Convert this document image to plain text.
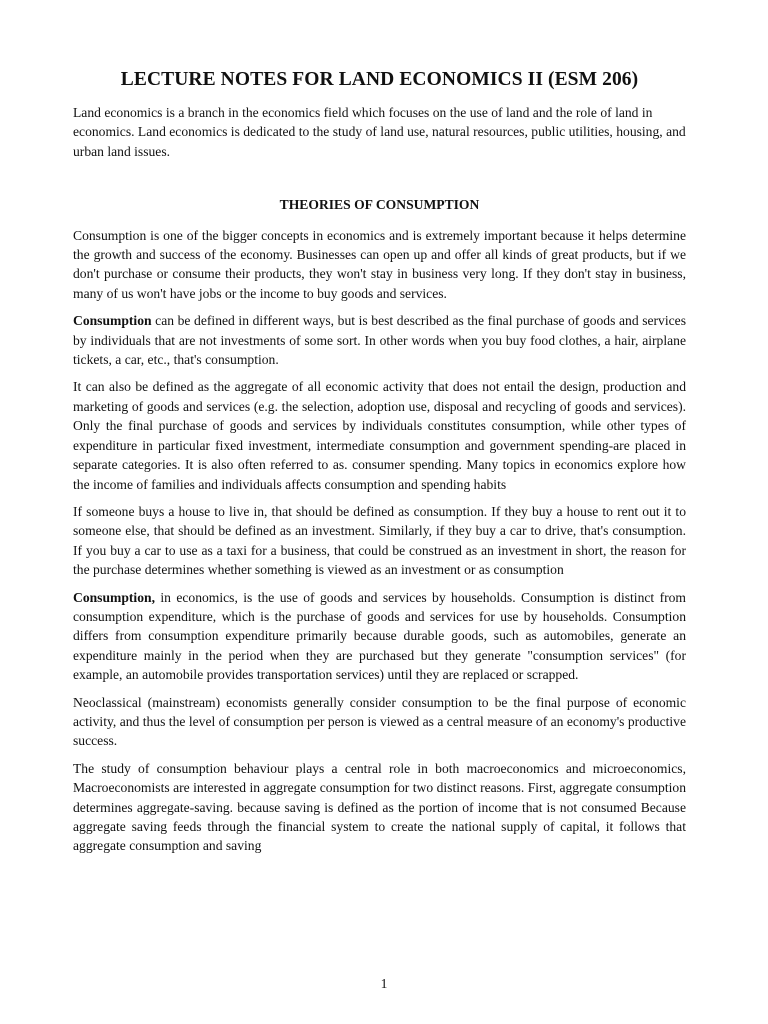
LECTURE NOTES FOR LAND ECONOMICS II (ESM 206)

Land economics is a branch in the economics field which focuses on the use of land and the role of land in economics. Land economics is dedicated to the study of land use, natural resources, public utilities, housing, and urban land issues.

THEORIES OF CONSUMPTION

Consumption is one of the bigger concepts in economics and is extremely important because it helps determine the growth and success of the economy. Businesses can open up and offer all kinds of great products, but if we don't purchase or consume their products, they won't stay in business very long. If they don't stay in business, many of us won't have jobs or the income to buy goods and services.

Consumption can be defined in different ways, but is best described as the final purchase of goods and services by individuals that are not investments of some sort. In other words when you buy food clothes, a hair, airplane tickets, a car, etc., that's consumption.

It can also be defined as the aggregate of all economic activity that does not entail the design, production and marketing of goods and services (e.g. the selection, adoption use, disposal and recycling of goods and services). Only the final purchase of goods and services by individuals constitutes consumption, while other types of expenditure in particular fixed investment, intermediate consumption and government spending-are placed in separate categories. It is also often referred to as. consumer spending. Many topics in economics explore how the income of families and individuals affects consumption and spending habits

If someone buys a house to live in, that should be defined as consumption. If they buy a house to rent out it to someone else, that should be defined as an investment. Similarly, if they buy a car to drive, that's consumption. If you buy a car to use as a taxi for a business, that could be construed as an investment in short, the reason for the purchase determines whether something is viewed as an investment or as consumption

Consumption, in economics, is the use of goods and services by households. Consumption is distinct from consumption expenditure, which is the purchase of goods and services for use by households. Consumption differs from consumption expenditure primarily because durable goods, such as automobiles, generate an expenditure mainly in the period when they are purchased but they generate "consumption services" (for example, an automobile provides transportation services) until they are replaced or scrapped.

Neoclassical (mainstream) economists generally consider consumption to be the final purpose of economic activity, and thus the level of consumption per person is viewed as a central measure of an economy's productive success.

The study of consumption behaviour plays a central role in both macroeconomics and microeconomics, Macroeconomists are interested in aggregate consumption for two distinct reasons. First, aggregate consumption determines aggregate-saving. because saving is defined as the portion of income that is not consumed Because aggregate saving feeds through the financial system to create the national supply of capital, it follows that aggregate consumption and saving

1
